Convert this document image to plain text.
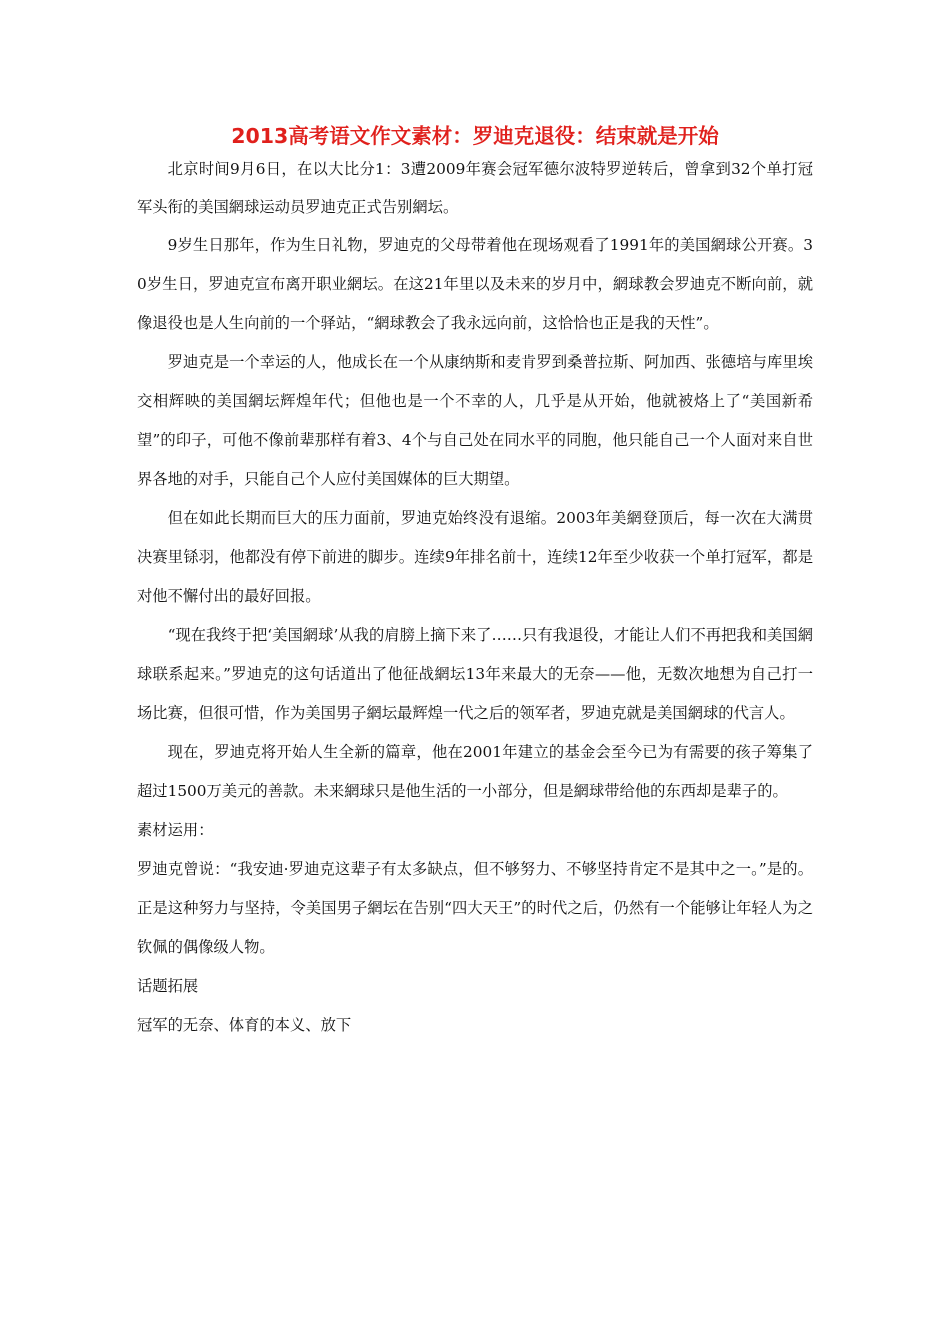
2013高考语文作文素材：罗迪克退役：结束就是开始

北京时间9月6日，在以大比分1：3遭2009年赛会冠军德尔波特罗逆转后，曾拿到32个单打冠军头衔的美国網球运动员罗迪克正式告别網坛。

9岁生日那年，作为生日礼物，罗迪克的父母带着他在现场观看了1991年的美国網球公开赛。30岁生日，罗迪克宣布离开职业網坛。在这21年里以及未来的岁月中，網球教会罗迪克不断向前，就像退役也是人生向前的一个驿站，“網球教会了我永远向前，这恰恰也正是我的天性”。

罗迪克是一个幸运的人，他成长在一个从康纳斯和麦肯罗到桑普拉斯、阿加西、张德培与库里埃交相辉映的美国網坛辉煌年代；但他也是一个不幸的人，几乎是从开始，他就被烙上了“美国新希望”的印子，可他不像前辈那样有着3、4个与自己处在同水平的同胞，他只能自己一个人面对来自世界各地的对手，只能自己个人应付美国媒体的巨大期望。

但在如此长期而巨大的压力面前，罗迪克始终没有退缩。2003年美網登顶后，每一次在大满贯决赛里铩羽，他都没有停下前进的脚步。连续9年排名前十，连续12年至少收获一个单打冠军，都是对他不懈付出的最好回报。

“现在我终于把‘美国網球’从我的肩膀上摘下来了……只有我退役，才能让人们不再把我和美国網球联系起来。”罗迪克的这句话道出了他征战網坛13年来最大的无奈——他，无数次地想为自己打一场比赛，但很可惜，作为美国男子網坛最辉煌一代之后的领军者，罗迪克就是美国網球的代言人。

现在，罗迪克将开始人生全新的篇章，他在2001年建立的基金会至今已为有需要的孩子筹集了超过1500万美元的善款。未来網球只是他生活的一小部分，但是網球带给他的东西却是辈子的。

素材运用：

罗迪克曾说：“我安迪·罗迪克这辈子有太多缺点，但不够努力、不够坚持肯定不是其中之一。”是的。正是这种努力与坚持，令美国男子網坛在告别“四大天王”的时代之后，仍然有一个能够让年轻人为之钦佩的偶像级人物。

话题拓展

冠军的无奈、体育的本义、放下
